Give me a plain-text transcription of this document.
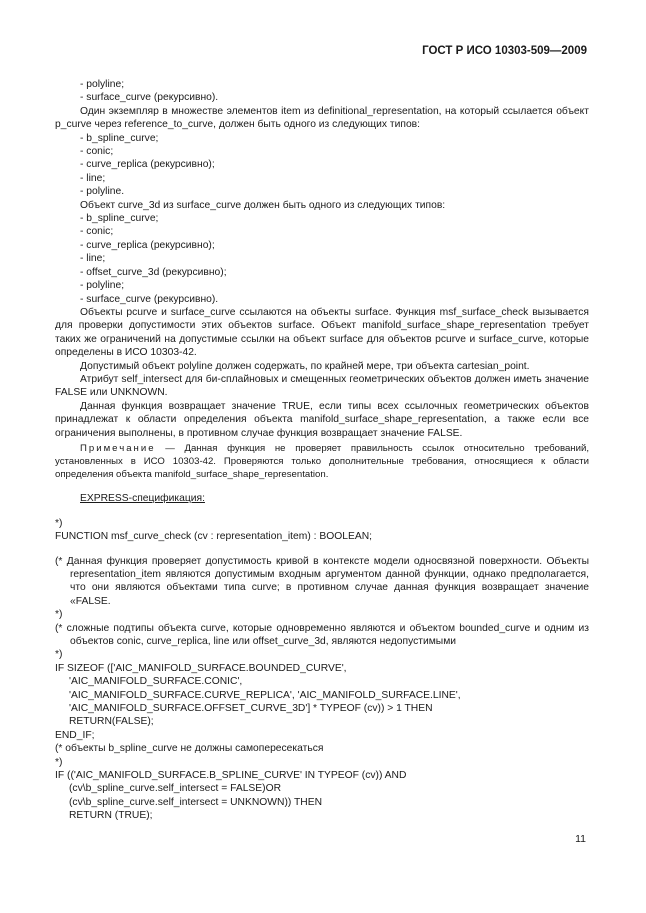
ГОСТ Р ИСО 10303-509—2009
- polyline;
- surface_curve (рекурсивно).
Один экземпляр в множестве элементов item из definitional_representation, на который ссылается объект p_curve через reference_to_curve, должен быть одного из следующих типов:
- b_spline_curve;
- conic;
- curve_replica (рекурсивно);
- line;
- polyline.
Объект curve_3d из surface_curve должен быть одного из следующих типов:
- b_spline_curve;
- conic;
- curve_replica (рекурсивно);
- line;
- offset_curve_3d (рекурсивно);
- polyline;
- surface_curve (рекурсивно).
Объекты pcurve и surface_curve ссылаются на объекты surface. Функция msf_surface_check вызывается для проверки допустимости этих объектов surface. Объект manifold_surface_shape_representation требует таких же ограничений на допустимые ссылки на объект surface для объектов pcurve и surface_curve, которые определены в ИСО 10303-42.
Допустимый объект polyline должен содержать, по крайней мере, три объекта cartesian_point.
Атрибут self_intersect для би-сплайновых и смещенных геометрических объектов должен иметь значение FALSE или UNKNOWN.
Данная функция возвращает значение TRUE, если типы всех ссылочных геометрических объектов принадлежат к области определения объекта manifold_surface_shape_representation, а также если все ограничения выполнены, в противном случае функция возвращает значение FALSE.
Примечание — Данная функция не проверяет правильность ссылок относительно требований, установленных в ИСО 10303-42. Проверяются только дополнительные требования, относящиеся к области определения объекта manifold_surface_shape_representation.
EXPRESS-спецификация:
*)
FUNCTION msf_curve_check (cv : representation_item) : BOOLEAN;
(* Данная функция проверяет допустимость кривой в контексте модели односвязной поверхности. Объекты representation_item являются допустимым входным аргументом данной функции, однако предполагается, что они являются объектами типа curve; в противном случае данная функция возвращает значение «FALSE.
*)
(* сложные подтипы объекта curve, которые одновременно являются и объектом bounded_curve и одним из объектов conic, curve_replica, line или offset_curve_3d, являются недопустимыми
*)
IF SIZEOF (['AIC_MANIFOLD_SURFACE.BOUNDED_CURVE',
'AIC_MANIFOLD_SURFACE.CONIC',
'AIC_MANIFOLD_SURFACE.CURVE_REPLICA', 'AIC_MANIFOLD_SURFACE.LINE',
'AIC_MANIFOLD_SURFACE.OFFSET_CURVE_3D'] * TYPEOF (cv)) > 1 THEN
RETURN(FALSE);
END_IF;
(* объекты b_spline_curve не должны самопересекаться
*)
IF (('AIC_MANIFOLD_SURFACE.B_SPLINE_CURVE' IN TYPEOF (cv)) AND
(cv\b_spline_curve.self_intersect = FALSE)OR
(cv\b_spline_curve.self_intersect = UNKNOWN)) THEN
RETURN (TRUE);
11
